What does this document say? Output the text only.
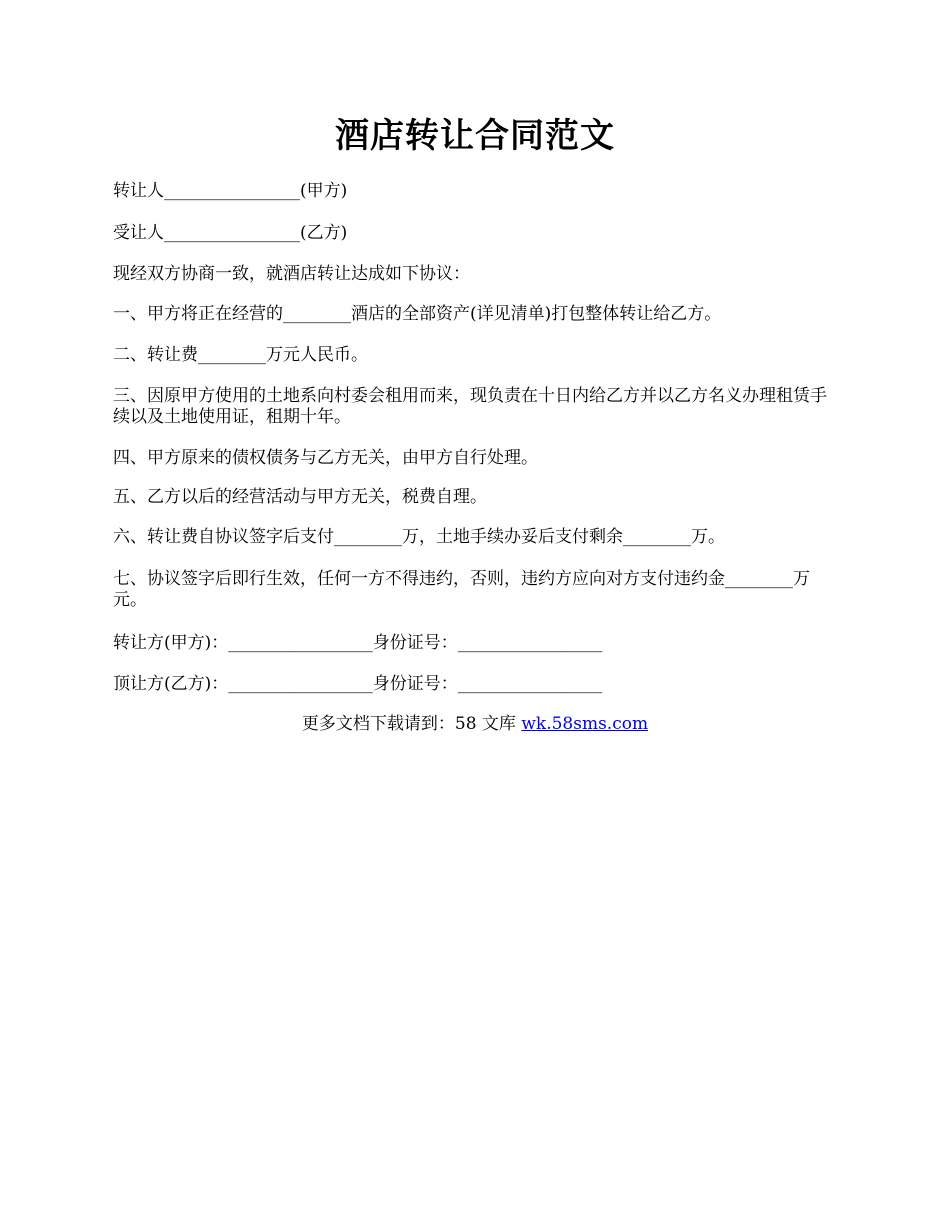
酒店转让合同范文
转让人________________(甲方)
受让人________________(乙方)
现经双方协商一致，就酒店转让达成如下协议：
一、甲方将正在经营的________酒店的全部资产(详见清单)打包整体转让给乙方。
二、转让费________万元人民币。
三、因原甲方使用的土地系向村委会租用而来，现负责在十日内给乙方并以乙方名义办理租赁手续以及土地使用证，租期十年。
四、甲方原来的债权债务与乙方无关，由甲方自行处理。
五、乙方以后的经营活动与甲方无关，税费自理。
六、转让费自协议签字后支付________万，土地手续办妥后支付剩余________万。
七、协议签字后即行生效，任何一方不得违约，否则，违约方应向对方支付违约金________万元。
转让方(甲方)：_________________身份证号：_________________
顶让方(乙方)：_________________身份证号：_________________
更多文档下载请到：58 文库 wk.58sms.com
